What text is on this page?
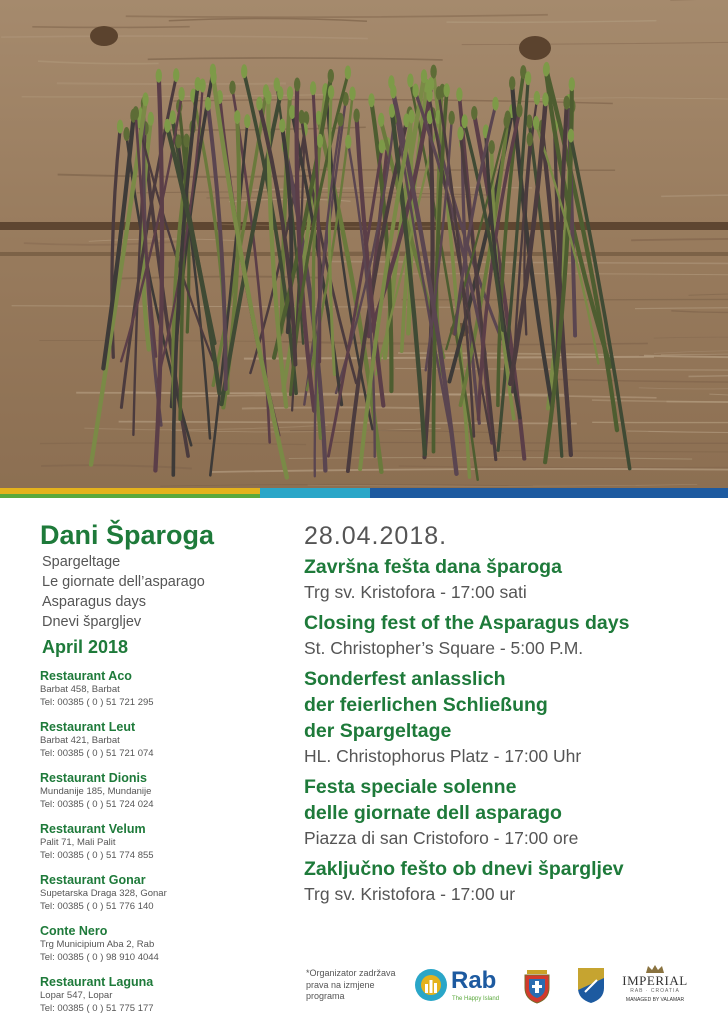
Dani Šparoga
Spargeltage
Le giornate dell’asparago
Asparagus days
Dnevi špargljev
April 2018
Restaurant Aco
Barbat 458, Barbat
Tel: 00385 ( 0 ) 51 721 295
Restaurant Leut
Barbat 421, Barbat
Tel: 00385 ( 0 ) 51 721 074
Restaurant Dionis
Mundanije 185, Mundanije
Tel: 00385 ( 0 ) 51 724 024
Restaurant Velum
Palit 71, Mali Palit
Tel: 00385 ( 0 ) 51 774 855
Restaurant Gonar
Supetarska Draga 328, Gonar
Tel: 00385 ( 0 ) 51 776 140
Conte Nero
Trg Municipium Aba 2, Rab
Tel: 00385 ( 0 ) 98 910 4044
Restaurant Laguna
Lopar 547, Lopar
Tel: 00385 ( 0 ) 51 775 177
28.04.2018.
Završna fešta dana šparoga
Trg sv. Kristofora - 17:00 sati
Closing fest of the Asparagus days
St. Christopher’s Square - 5:00 P.M.
Sonderfest anlasslich
der feierlichen Schließung
der Spargeltage
HL. Christophorus Platz - 17:00 Uhr
Festa speciale solenne
delle giornate dell asparago
Piazza di san Cristoforo - 17:00 ore
Zaključno fešto ob dnevi špargljev
Trg sv. Kristofora - 17:00 ur
*Organizator zadržava prava na izmjene programa
Rab
The Happy Island
IMPERIAL
RAB · CROATIA
MANAGED BY VALAMAR
